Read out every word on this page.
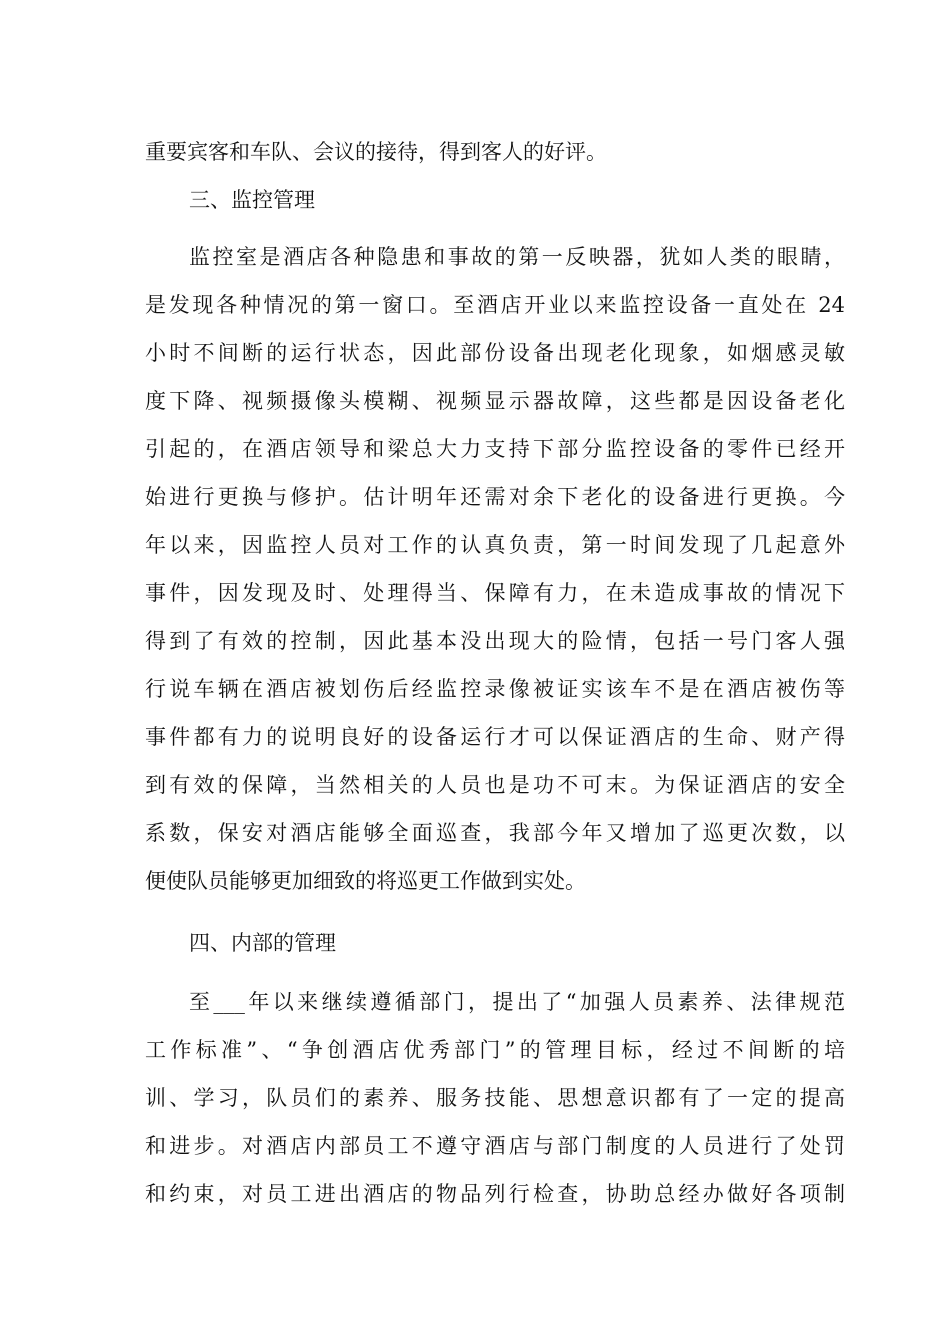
重要宾客和车队、会议的接待，得到客人的好评。
三、监控管理
监控室是酒店各种隐患和事故的第一反映器，犹如人类的眼睛，
是发现各种情况的第一窗口。至酒店开业以来监控设备一直处在 24
小时不间断的运行状态，因此部份设备出现老化现象，如烟感灵敏
度下降、视频摄像头模糊、视频显示器故障，这些都是因设备老化
引起的，在酒店领导和梁总大力支持下部分监控设备的零件已经开
始进行更换与修护。估计明年还需对余下老化的设备进行更换。今
年以来，因监控人员对工作的认真负责，第一时间发现了几起意外
事件，因发现及时、处理得当、保障有力，在未造成事故的情况下
得到了有效的控制，因此基本没出现大的险情，包括一号门客人强
行说车辆在酒店被划伤后经监控录像被证实该车不是在酒店被伤等
事件都有力的说明良好的设备运行才可以保证酒店的生命、财产得
到有效的保障，当然相关的人员也是功不可末。为保证酒店的安全
系数，保安对酒店能够全面巡查，我部今年又增加了巡更次数，以
便使队员能够更加细致的将巡更工作做到实处。
四、内部的管理
至___年以来继续遵循部门，提出了“加强人员素养、法律规范
工作标准”、“争创酒店优秀部门”的管理目标，经过不间断的培
训、学习，队员们的素养、服务技能、思想意识都有了一定的提高
和进步。对酒店内部员工不遵守酒店与部门制度的人员进行了处罚
和约束，对员工进出酒店的物品列行检查，协助总经办做好各项制
